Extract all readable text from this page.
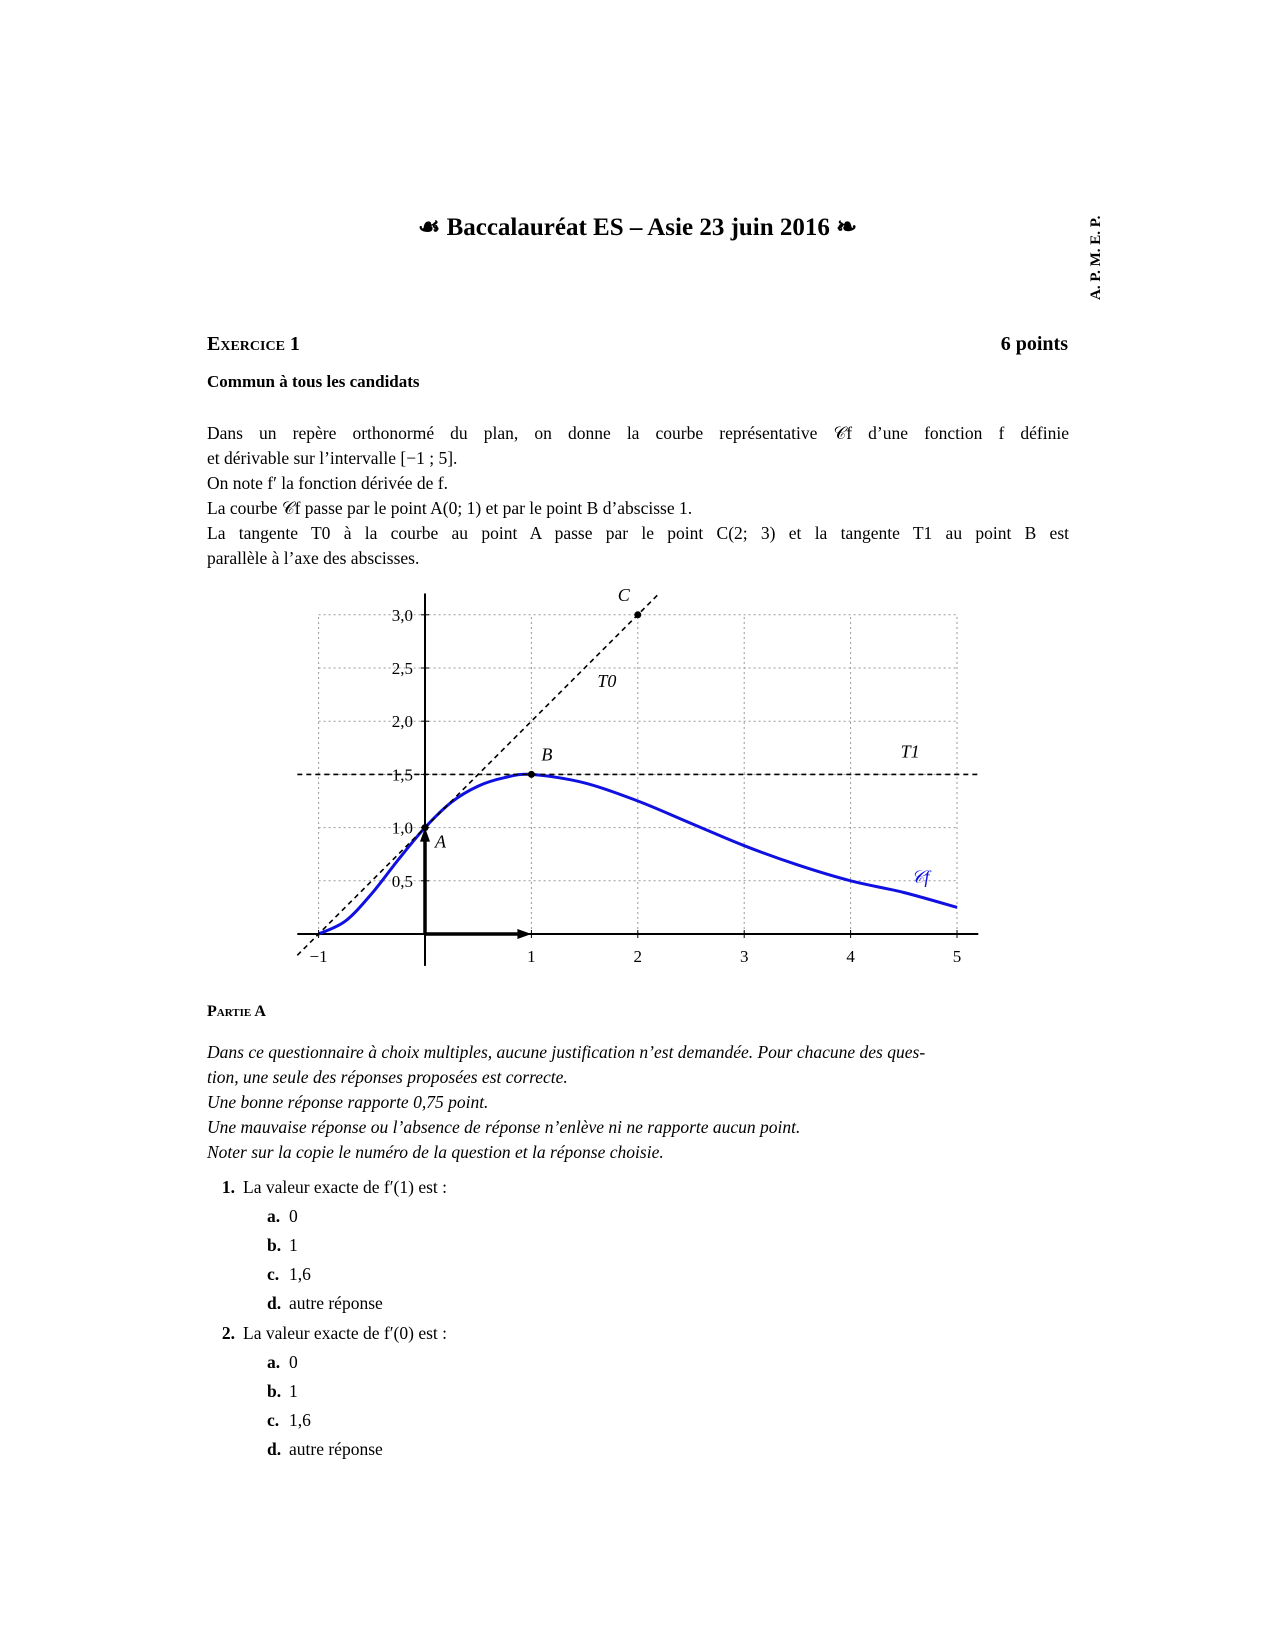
☙ Baccalauréat ES – Asie 23 juin 2016 ❧	A. P. M. E. P.
Exercice 1	6 points
Commun à tous les candidats

Dans un repère orthonormé du plan, on donne la courbe représentative 𝒞f d’une fonction f définie

et dérivable sur l’intervalle [−1 ; 5].

On note f′ la fonction dérivée de f.

La courbe 𝒞f passe par le point A(0; 1) et par le point B d’abscisse 1.

La tangente T0 à la courbe au point A passe par le point C(2; 3) et la tangente T1 au point B est

parallèle à l’axe des abscisses.

−1	1	2	3	4	5
0,5
1,0
1,5
2,0
2,5
3,0
A
B
C
T0
T1
𝒞f
Partie A

Dans ce questionnaire à choix multiples, aucune justification n’est demandée. Pour chacune des ques-

tion, une seule des réponses proposées est correcte.

Une bonne réponse rapporte 0,75 point.

Une mauvaise réponse ou l’absence de réponse n’enlève ni ne rapporte aucun point.

Noter sur la copie le numéro de la question et la réponse choisie.

1. La valeur exacte de f′(1) est :
a. 0
b. 1
c. 1,6
d. autre réponse
2. La valeur exacte de f′(0) est :
a. 0
b. 1
c. 1,6
d. autre réponse
